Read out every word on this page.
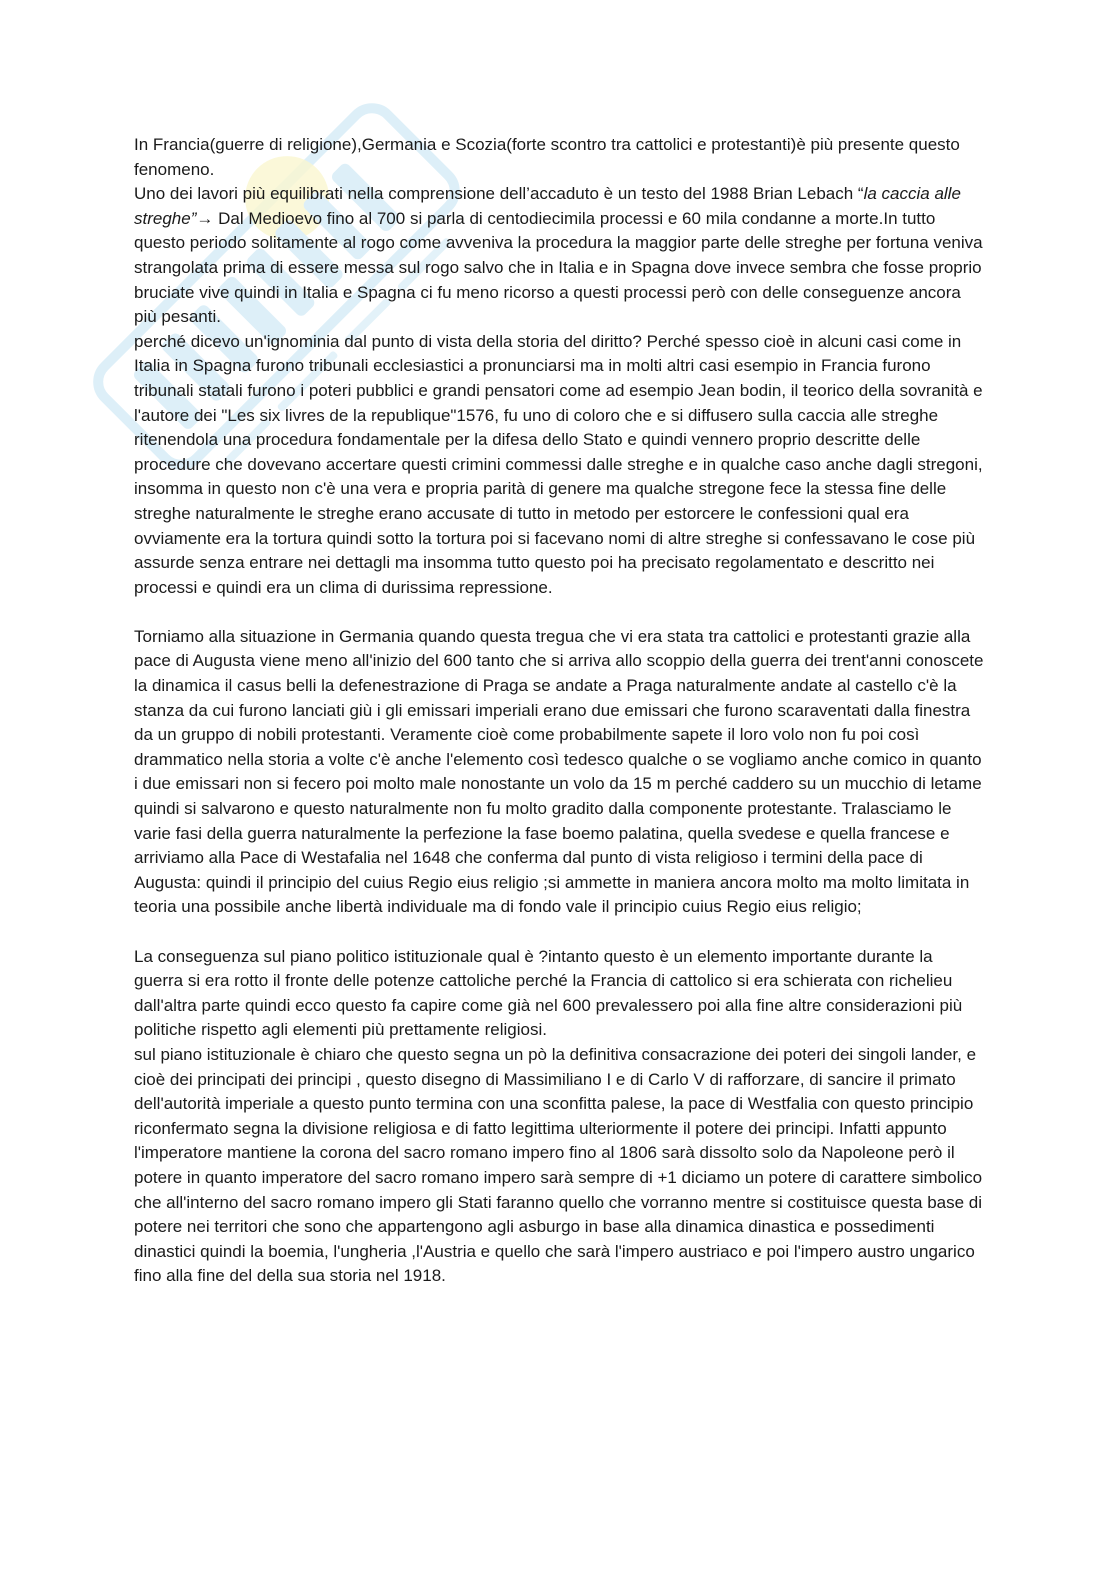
In Francia(guerre di religione),Germania e Scozia(forte scontro tra cattolici e protestanti)è più presente questo fenomeno.

Uno dei lavori più equilibrati nella comprensione dell’accaduto è un testo del 1988 Brian Lebach “la caccia alle streghe”→ Dal Medioevo fino al 700 si parla di centodiecimila processi e 60 mila condanne a morte.In tutto questo periodo solitamente al rogo come avveniva la procedura la maggior parte delle streghe per fortuna veniva strangolata prima di essere messa sul rogo salvo che in Italia e in Spagna dove invece sembra che fosse proprio bruciate vive quindi in Italia e Spagna ci fu meno ricorso a questi processi però con delle conseguenze ancora più pesanti.

perché dicevo un'ignominia dal punto di vista della storia del diritto? Perché spesso cioè in alcuni casi come in Italia in Spagna furono tribunali ecclesiastici a pronunciarsi ma in molti altri casi esempio in Francia furono tribunali statali furono i poteri pubblici e grandi pensatori come ad esempio Jean bodin, il teorico della sovranità e l'autore dei "Les six livres de la republique"1576, fu uno di coloro che e si diffusero sulla caccia alle streghe ritenendola una procedura fondamentale per la difesa dello Stato e quindi vennero proprio descritte delle procedure che dovevano accertare questi crimini commessi dalle streghe e in qualche caso anche dagli stregoni, insomma in questo non c'è una vera e propria parità di genere ma qualche stregone fece la stessa fine delle streghe naturalmente le streghe erano accusate di tutto in metodo per estorcere le confessioni qual era ovviamente era la tortura quindi sotto la tortura poi si facevano nomi di altre streghe si confessavano le cose più assurde senza entrare nei dettagli ma insomma tutto questo poi ha precisato regolamentato e descritto nei processi e quindi era un clima di durissima repressione.

Torniamo alla situazione in Germania quando questa tregua che vi era stata tra cattolici e protestanti grazie alla pace di Augusta viene meno all'inizio del 600 tanto che si arriva allo scoppio della guerra dei trent'anni conoscete la dinamica il casus belli la defenestrazione di Praga se andate a Praga naturalmente andate al castello c'è la stanza da cui furono lanciati giù i gli emissari imperiali erano due emissari che furono scaraventati dalla finestra da un gruppo di nobili protestanti. Veramente cioè come probabilmente sapete il loro volo non fu poi così drammatico nella storia a volte c'è anche l'elemento così tedesco qualche o se vogliamo anche comico in quanto i due emissari non si fecero poi molto male nonostante un volo da 15 m perché caddero su un mucchio di letame quindi si salvarono e questo naturalmente non fu molto gradito dalla componente protestante. Tralasciamo le varie fasi della guerra naturalmente la perfezione la fase boemo palatina, quella svedese e quella francese e arriviamo alla Pace di Westafalia nel 1648 che conferma dal punto di vista religioso i termini della pace di Augusta: quindi il principio del cuius Regio eius religio ;si ammette in maniera ancora molto ma molto limitata in teoria una possibile anche libertà individuale ma di fondo vale il principio cuius Regio eius religio;

La conseguenza sul piano politico istituzionale qual è ?intanto questo è un elemento importante durante la guerra si era rotto il fronte delle potenze cattoliche perché la Francia di cattolico si era schierata con richelieu dall'altra parte quindi ecco questo fa capire come già nel 600 prevalessero poi alla fine altre considerazioni più politiche rispetto agli elementi più prettamente religiosi.

sul piano istituzionale è chiaro che questo segna un pò la definitiva consacrazione dei poteri dei singoli lander, e cioè dei principati dei principi , questo disegno di Massimiliano I e di Carlo V di rafforzare, di sancire il primato dell'autorità imperiale a questo punto termina con una sconfitta palese, la pace di Westfalia con questo principio riconfermato segna la divisione religiosa e di fatto legittima ulteriormente il potere dei principi. Infatti appunto l'imperatore mantiene la corona del sacro romano impero fino al 1806 sarà dissolto solo da Napoleone però il potere in quanto imperatore del sacro romano impero sarà sempre di +1 diciamo un potere di carattere simbolico che all'interno del sacro romano impero gli Stati faranno quello che vorranno mentre si costituisce questa base di potere nei territori che sono che appartengono agli asburgo in base alla dinamica dinastica e possedimenti dinastici quindi la boemia, l'ungheria ,l'Austria e quello che sarà l'impero austriaco e poi l'impero austro ungarico fino alla fine del della sua storia nel 1918.
